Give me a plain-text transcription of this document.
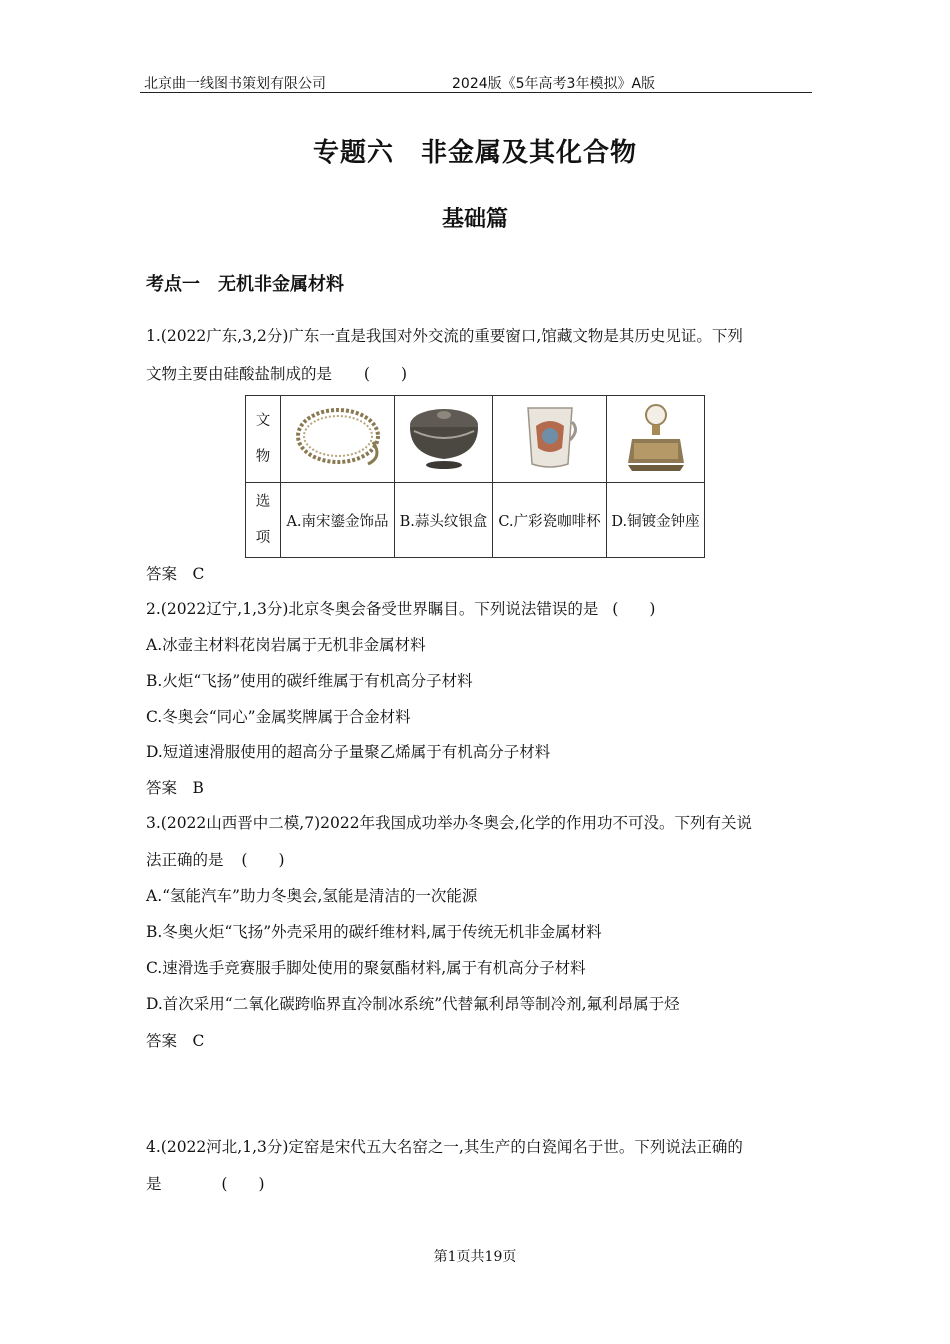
北京曲一线图书策划有限公司	2024版《5年高考3年模拟》A版
专题六　非金属及其化合物
基础篇
考点一　无机非金属材料
1.(2022广东,3,2分)广东一直是我国对外交流的重要窗口,馆藏文物是其历史见证。下列
文物主要由硅酸盐制成的是 (　　)
文
物

选
项	A.南宋鎏金饰品	B.蒜头纹银盒	C.广彩瓷咖啡杯	D.铜镀金钟座
答案　C
2.(2022辽宁,1,3分)北京冬奥会备受世界瞩目。下列说法错误的是 (　　)
A.冰壶主材料花岗岩属于无机非金属材料
B.火炬“飞扬”使用的碳纤维属于有机高分子材料
C.冬奥会“同心”金属奖牌属于合金材料
D.短道速滑服使用的超高分子量聚乙烯属于有机高分子材料
答案　B
3.(2022山西晋中二模,7)2022年我国成功举办冬奥会,化学的作用功不可没。下列有关说
法正确的是 (　　)
A.“氢能汽车”助力冬奥会,氢能是清洁的一次能源
B.冬奥火炬“飞扬”外壳采用的碳纤维材料,属于传统无机非金属材料
C.速滑选手竞赛服手脚处使用的聚氨酯材料,属于有机高分子材料
D.首次采用“二氧化碳跨临界直冷制冰系统”代替氟利昂等制冷剂,氟利昂属于烃
答案　C
4.(2022河北,1,3分)定窑是宋代五大名窑之一,其生产的白瓷闻名于世。下列说法正确的
是	(　　)
第1页共19页
